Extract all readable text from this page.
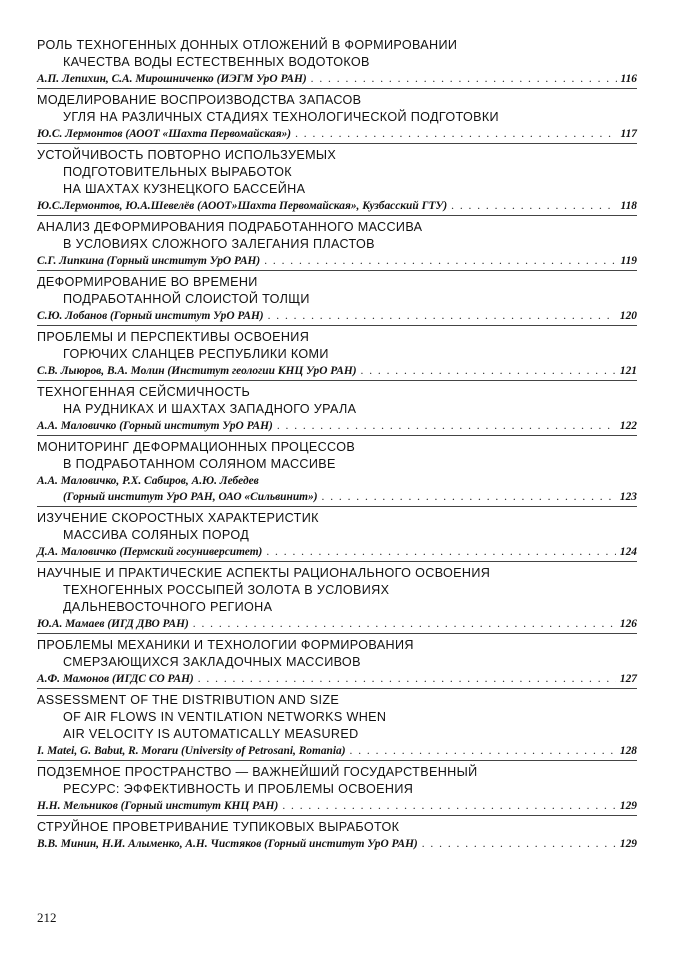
РОЛЬ ТЕХНОГЕННЫХ ДОННЫХ ОТЛОЖЕНИЙ В ФОРМИРОВАНИИ
КАЧЕСТВА ВОДЫ ЕСТЕСТВЕННЫХ ВОДОТОКОВ
А.П. Лепихин, С.А. Мирошниченко (ИЭГМ УрО РАН) . . .	116
МОДЕЛИРОВАНИЕ ВОСПРОИЗВОДСТВА ЗАПАСОВ
УГЛЯ НА РАЗЛИЧНЫХ СТАДИЯХ ТЕХНОЛОГИЧЕСКОЙ ПОДГОТОВКИ
Ю.С. Лермонтов (АООТ «Шахта Первомайская») . . .	117
УСТОЙЧИВОСТЬ ПОВТОРНО ИСПОЛЬЗУЕМЫХ
ПОДГОТОВИТЕЛЬНЫХ ВЫРАБОТОК
НА ШАХТАХ КУЗНЕЦКОГО БАССЕЙНА
Ю.С.Лермонтов, Ю.А.Шевелёв (АООТ»Шахта Первомайская», Кузбасский ГТУ) . . .	118
АНАЛИЗ ДЕФОРМИРОВАНИЯ ПОДРАБОТАННОГО МАССИВА
В УСЛОВИЯХ СЛОЖНОГО ЗАЛЕГАНИЯ ПЛАСТОВ
С.Г. Липкина (Горный институт УрО РАН) . . .	119
ДЕФОРМИРОВАНИЕ ВО ВРЕМЕНИ
ПОДРАБОТАННОЙ СЛОИСТОЙ ТОЛЩИ
С.Ю. Лобанов (Горный институт УрО РАН) . . .	120
ПРОБЛЕМЫ И ПЕРСПЕКТИВЫ ОСВОЕНИЯ
ГОРЮЧИХ СЛАНЦЕВ РЕСПУБЛИКИ КОМИ
С.В. Лыюров, В.А. Молин (Институт геологии КНЦ УрО РАН) . . .	121
ТЕХНОГЕННАЯ СЕЙСМИЧНОСТЬ
НА РУДНИКАХ И ШАХТАХ ЗАПАДНОГО УРАЛА
А.А. Маловичко (Горный институт УрО РАН) . . .	122
МОНИТОРИНГ ДЕФОРМАЦИОННЫХ ПРОЦЕССОВ
В ПОДРАБОТАННОМ СОЛЯНОМ МАССИВЕ
А.А. Маловичко, Р.Х. Сабиров, А.Ю. Лебедев
(Горный институт УрО РАН, ОАО «Сильвинит») . . .	123
ИЗУЧЕНИЕ СКОРОСТНЫХ ХАРАКТЕРИСТИК
МАССИВА СОЛЯНЫХ ПОРОД
Д.А. Маловичко (Пермский госуниверситет) . . .	124
НАУЧНЫЕ И ПРАКТИЧЕСКИЕ АСПЕКТЫ РАЦИОНАЛЬНОГО ОСВОЕНИЯ
ТЕХНОГЕННЫХ РОССЫПЕЙ ЗОЛОТА В УСЛОВИЯХ
ДАЛЬНЕВОСТОЧНОГО РЕГИОНА
Ю.А. Мамаев (ИГД ДВО РАН) . . .	126
ПРОБЛЕМЫ МЕХАНИКИ И ТЕХНОЛОГИИ ФОРМИРОВАНИЯ
СМЕРЗАЮЩИХСЯ ЗАКЛАДОЧНЫХ МАССИВОВ
А.Ф. Мамонов (ИГДС СО РАН) . . .	127
ASSESSMENT OF THE DISTRIBUTION AND SIZE
OF AIR FLOWS IN VENTILATION NETWORKS WHEN
AIR VELOCITY IS AUTOMATICALLY MEASURED
I. Matei, G. Babut, R. Moraru (University of Petrosani, Romania) . . .	128
ПОДЗЕМНОЕ ПРОСТРАНСТВО — ВАЖНЕЙШИЙ ГОСУДАРСТВЕННЫЙ
РЕСУРС: ЭФФЕКТИВНОСТЬ И ПРОБЛЕМЫ ОСВОЕНИЯ
Н.Н. Мельников (Горный институт КНЦ РАН) . . .	129
СТРУЙНОЕ ПРОВЕТРИВАНИЕ ТУПИКОВЫХ ВЫРАБОТОК
В.В. Минин, Н.И. Алыменко, А.Н. Чистяков (Горный институт УрО РАН) . . .	129
212
